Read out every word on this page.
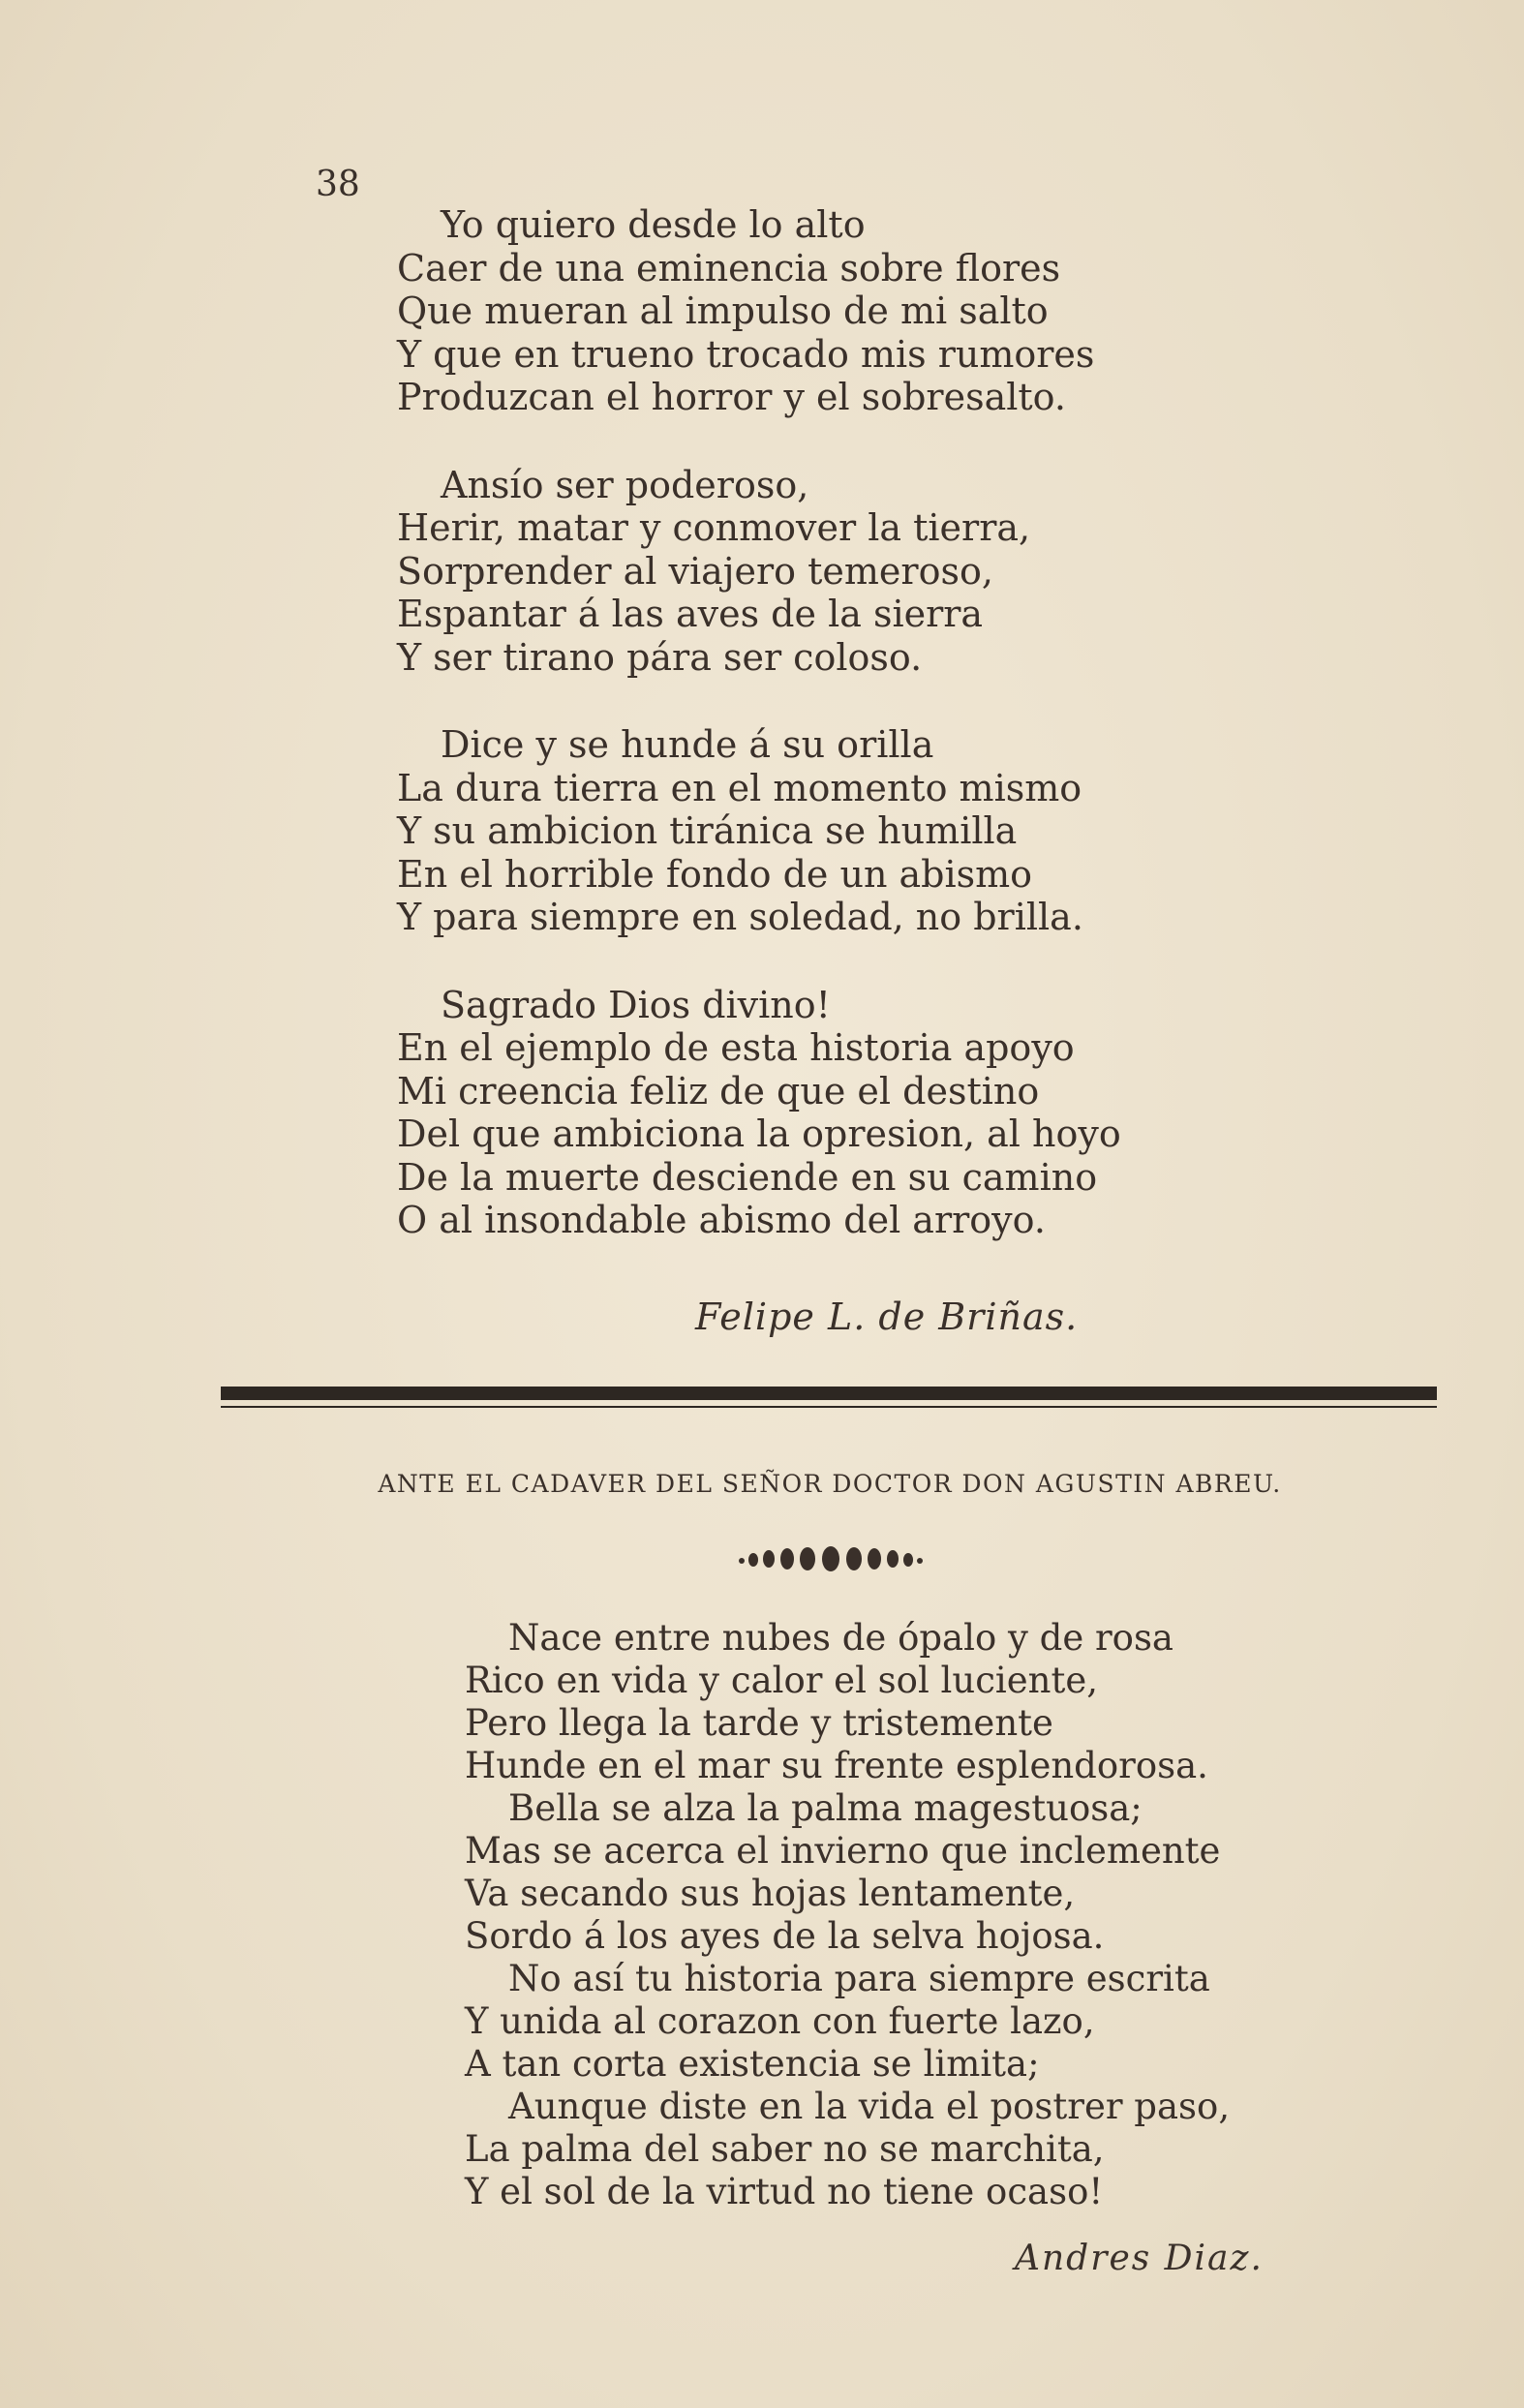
38
Yo quiero desde lo alto
Caer de una eminencia sobre flores
Que mueran al impulso de mi salto
Y que en trueno trocado mis rumores
Produzcan el horror y el sobresalto.
Ansío ser poderoso,
Herir, matar y conmover la tierra,
Sorprender al viajero temeroso,
Espantar á las aves de la sierra
Y ser tirano pára ser coloso.
Dice y se hunde á su orilla
La dura tierra en el momento mismo
Y su ambicion tiránica se humilla
En el horrible fondo de un abismo
Y para siempre en soledad, no brilla.
Sagrado Dios divino!
En el ejemplo de esta historia apoyo
Mi creencia feliz de que el destino
Del que ambiciona la opresion, al hoyo
De la muerte desciende en su camino
O al insondable abismo del arroyo.
Felipe L. de Briñas.
ANTE EL CADAVER DEL SEÑOR DOCTOR DON AGUSTIN ABREU.
Nace entre nubes de ópalo y de rosa
Rico en vida y calor el sol luciente,
Pero llega la tarde y tristemente
Hunde en el mar su frente esplendorosa.
Bella se alza la palma magestuosa;
Mas se acerca el invierno que inclemente
Va secando sus hojas lentamente,
Sordo á los ayes de la selva hojosa.
No así tu historia para siempre escrita
Y unida al corazon con fuerte lazo,
A tan corta existencia se limita;
Aunque diste en la vida el postrer paso,
La palma del saber no se marchita,
Y el sol de la virtud no tiene ocaso!
Andres Diaz.
